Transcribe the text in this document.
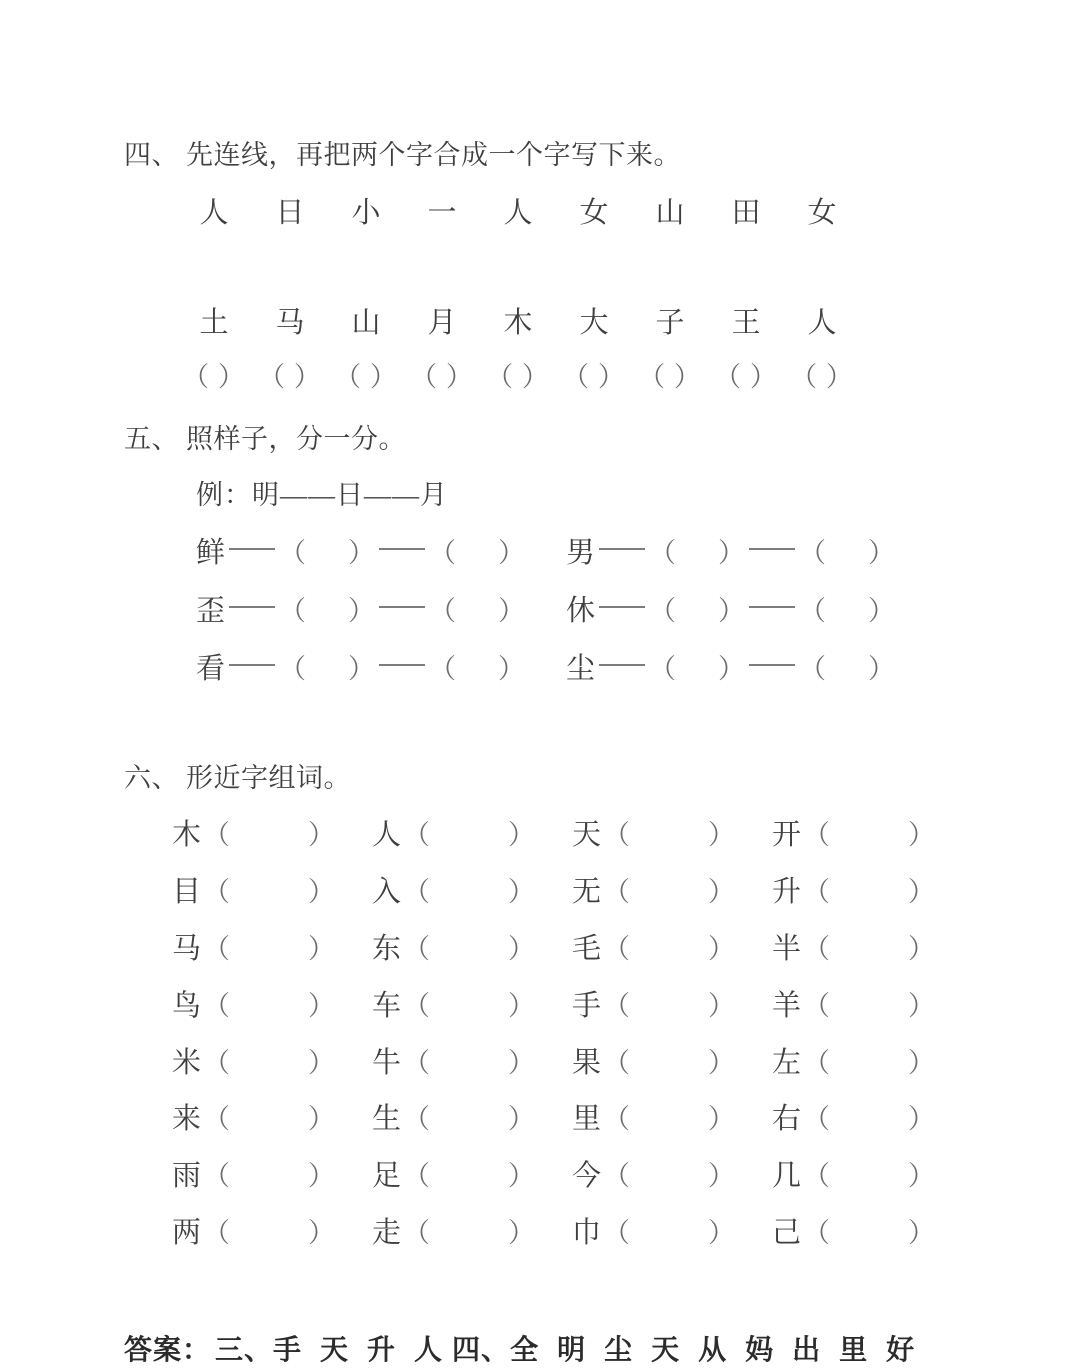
四、 先连线，再把两个字合成一个字写下来。
人	日	小	一	人	女	山	田	女
土	马	山	月	木	大	子	王	人
（ ） （ ） （ ） （ ） （ ） （ ） （ ） （ ） （ ）
五、 照样子，分一分。
例：明——日——月
鲜 （ ） （ ） 男 （ ） （ ）
歪 （ ） （ ） 休 （ ） （ ）
看 （ ） （ ） 尘 （ ） （ ）
六、 形近字组词。
木 （	） 人 （	） 天 （	） 开 （	）
目 （	） 入 （	） 无 （	） 升 （	）
马 （	） 东 （	） 毛 （	） 半 （	）
鸟 （	） 车 （	） 手 （	） 羊 （	）
米 （	） 牛 （	） 果 （	） 左 （	）
来 （	） 生 （	） 里 （	） 右 （	）
雨 （	） 足 （	） 今 （	） 几 （	）
两 （	） 走 （	） 巾 （	） 己 （	）
答案： 三、手 天 升 人 四、全 明 尘 天 从 妈 出 里 好
